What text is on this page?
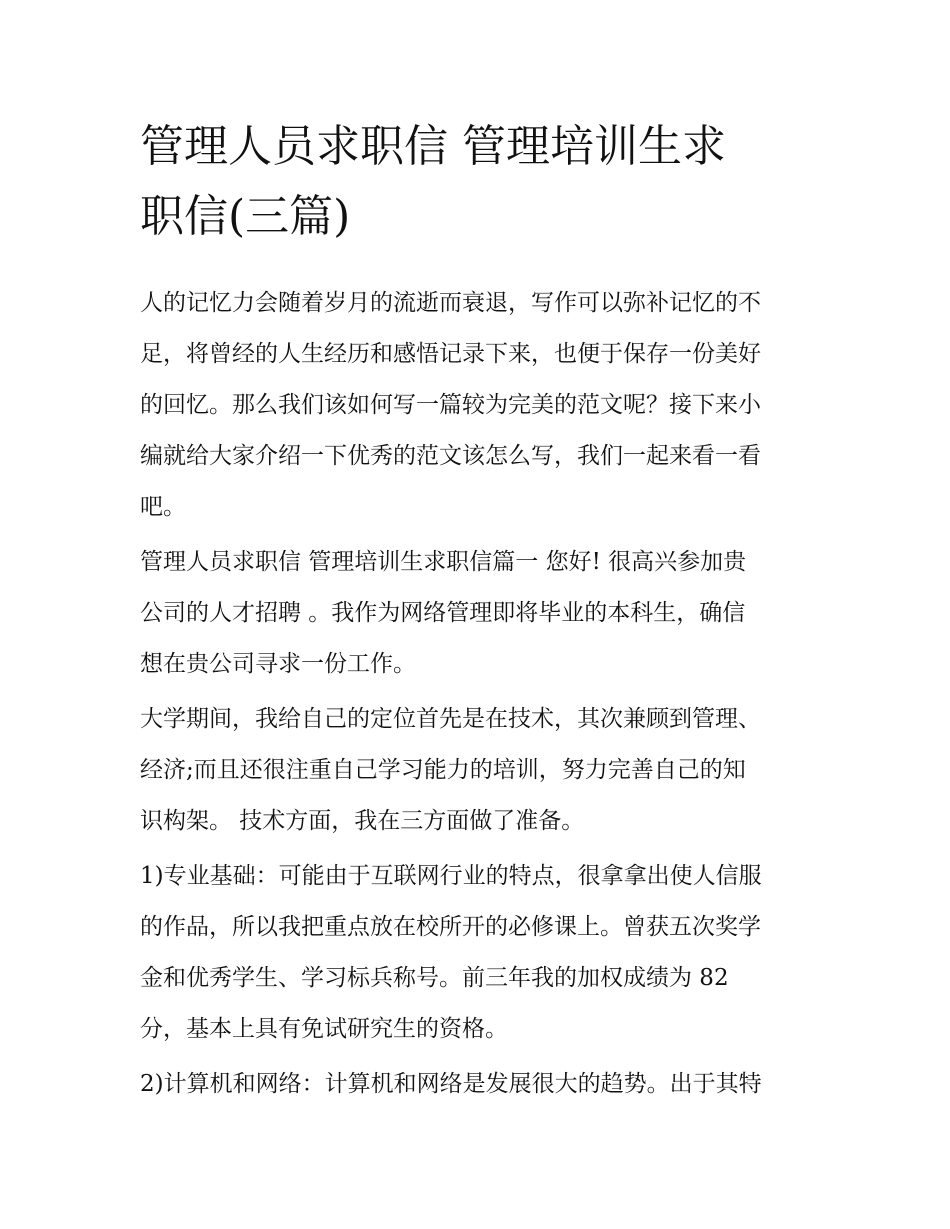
管理人员求职信 管理培训生求
职信(三篇)
人的记忆力会随着岁月的流逝而衰退，写作可以弥补记忆的不
足，将曾经的人生经历和感悟记录下来，也便于保存一份美好
的回忆。那么我们该如何写一篇较为完美的范文呢？接下来小
编就给大家介绍一下优秀的范文该怎么写，我们一起来看一看
吧。
管理人员求职信 管理培训生求职信篇一 您好! 很高兴参加贵
公司的人才招聘 。我作为网络管理即将毕业的本科生，确信
想在贵公司寻求一份工作。
大学期间，我给自己的定位首先是在技术，其次兼顾到管理、
经济;而且还很注重自己学习能力的培训，努力完善自己的知
识构架。 技术方面，我在三方面做了准备。
1)专业基础：可能由于互联网行业的特点，很拿拿出使人信服
的作品，所以我把重点放在校所开的必修课上。曾获五次奖学
金和优秀学生、学习标兵称号。前三年我的加权成绩为 82
分，基本上具有免试研究生的资格。
2)计算机和网络：计算机和网络是发展很大的趋势。出于其特
